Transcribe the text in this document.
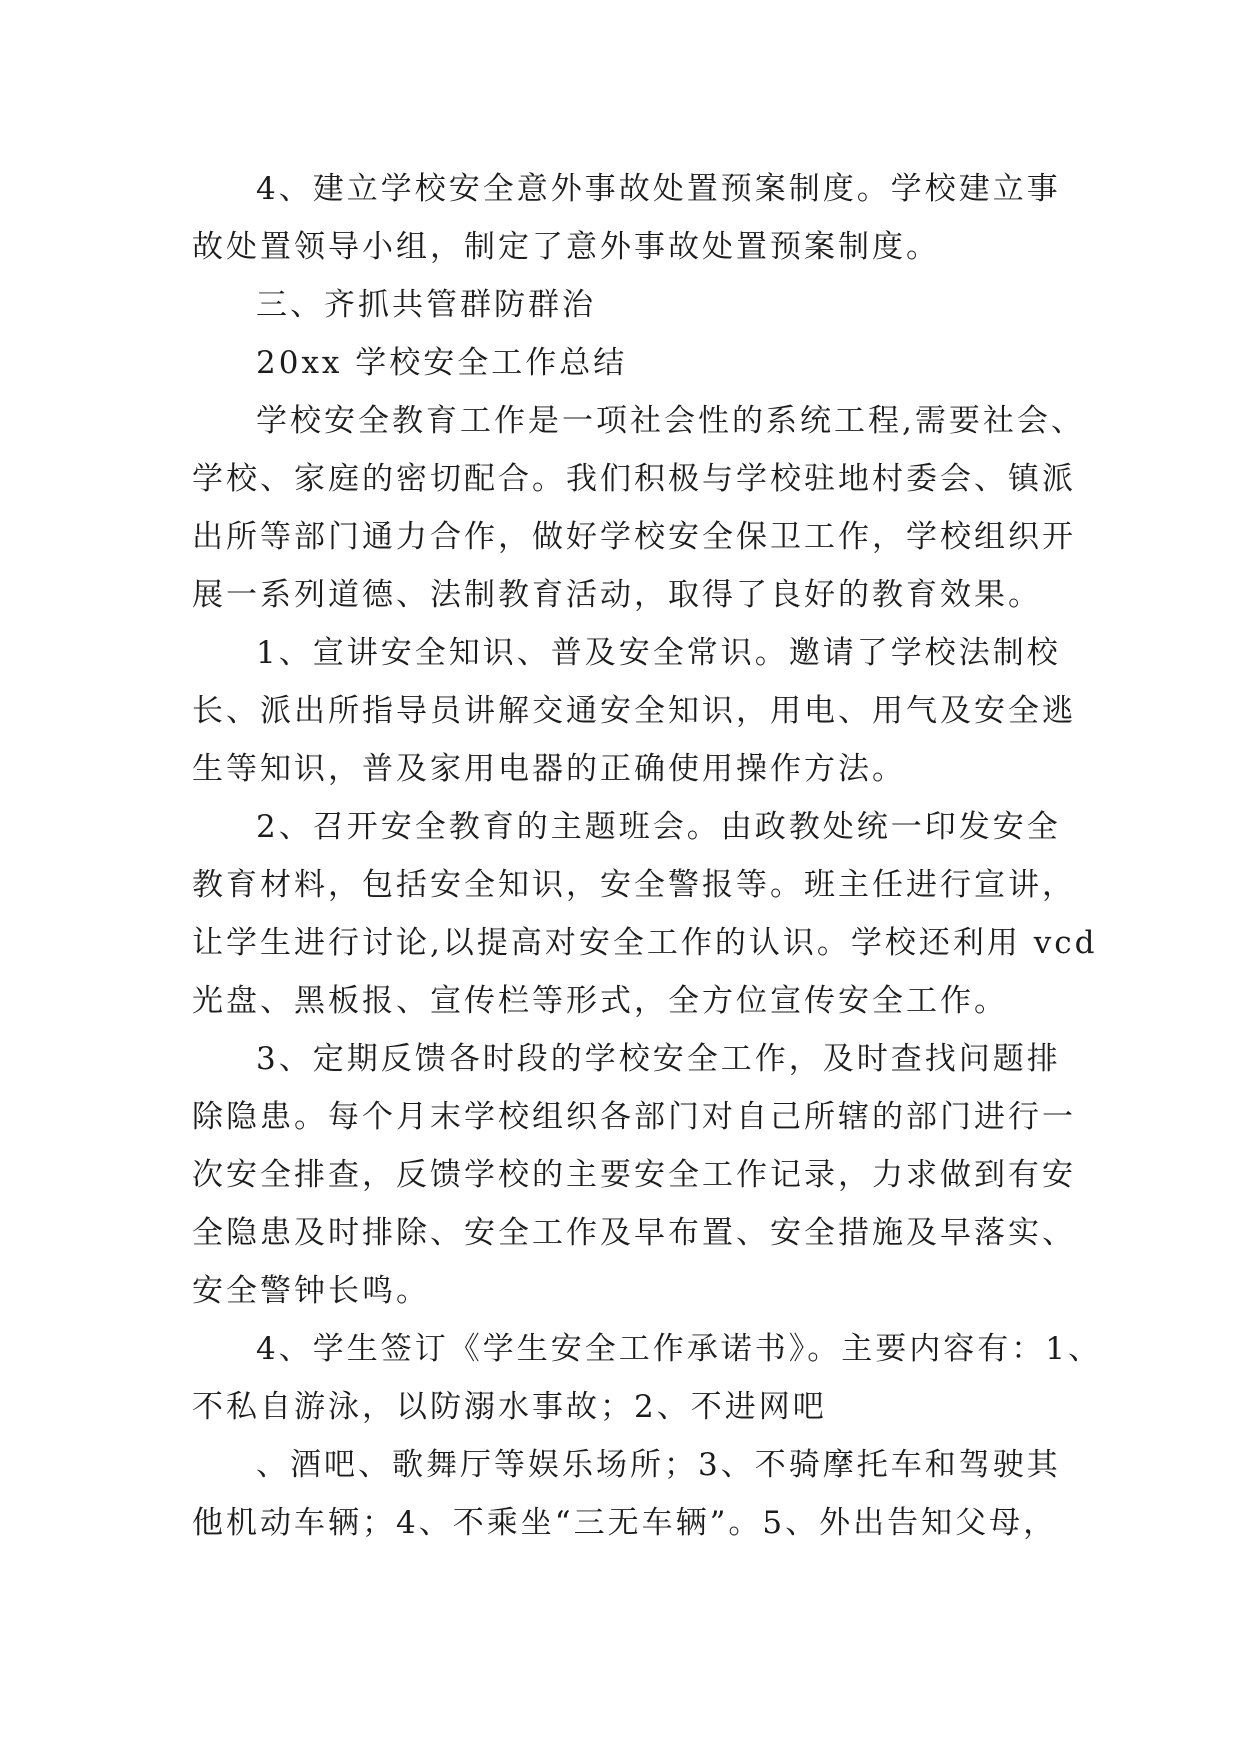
4、建立学校安全意外事故处置预案制度。学校建立事
故处置领导小组，制定了意外事故处置预案制度。
三、齐抓共管群防群治
20xx 学校安全工作总结
学校安全教育工作是一项社会性的系统工程,需要社会、
学校、家庭的密切配合。我们积极与学校驻地村委会、镇派
出所等部门通力合作，做好学校安全保卫工作，学校组织开
展一系列道德、法制教育活动，取得了良好的教育效果。
1、宣讲安全知识、普及安全常识。邀请了学校法制校
长、派出所指导员讲解交通安全知识，用电、用气及安全逃
生等知识，普及家用电器的正确使用操作方法。
2、召开安全教育的主题班会。由政教处统一印发安全
教育材料，包括安全知识，安全警报等。班主任进行宣讲，
让学生进行讨论,以提高对安全工作的认识。学校还利用 vcd
光盘、黑板报、宣传栏等形式，全方位宣传安全工作。
3、定期反馈各时段的学校安全工作，及时查找问题排
除隐患。每个月末学校组织各部门对自己所辖的部门进行一
次安全排查，反馈学校的主要安全工作记录，力求做到有安
全隐患及时排除、安全工作及早布置、安全措施及早落实、
安全警钟长鸣。
4、学生签订《学生安全工作承诺书》。主要内容有：1、
不私自游泳，以防溺水事故；2、不进网吧
、酒吧、歌舞厅等娱乐场所；3、不骑摩托车和驾驶其
他机动车辆；4、不乘坐“三无车辆”。5、外出告知父母，
